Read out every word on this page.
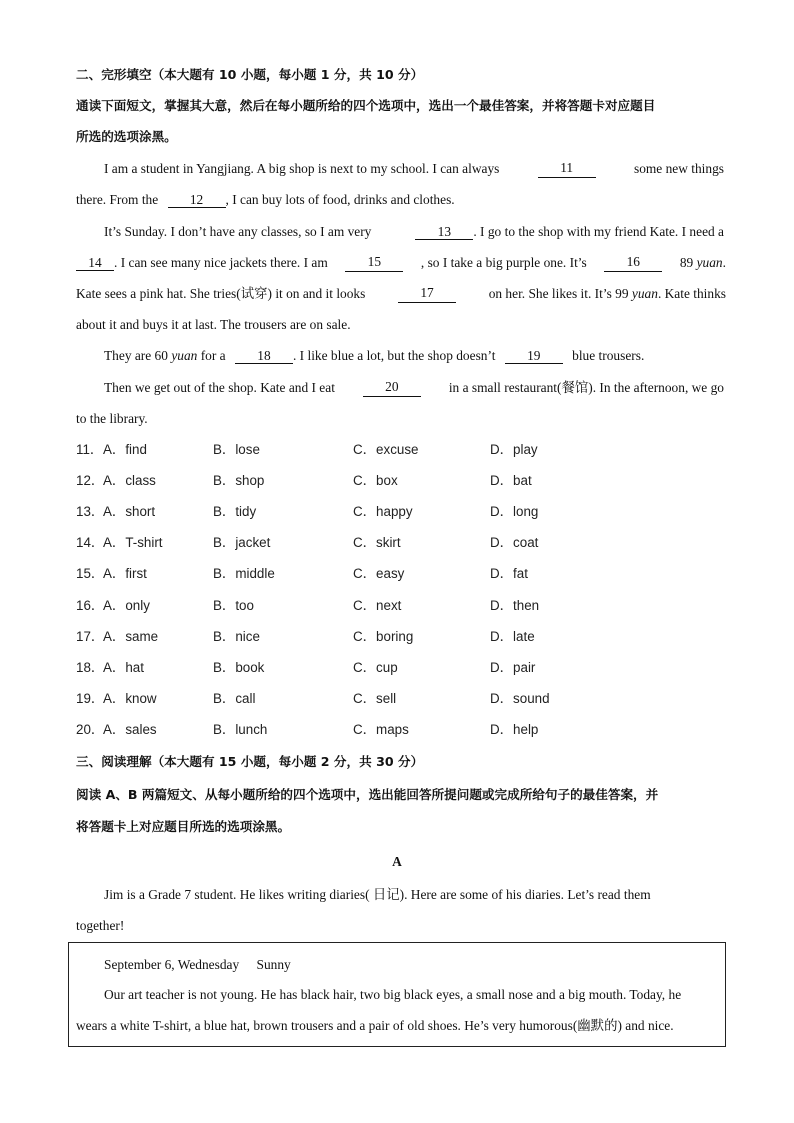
二、完形填空（本大题有 10 小题，每小题 1 分，共 10 分）
通读下面短文，掌握其大意，然后在每小题所给的四个选项中，选出一个最佳答案，并将答题卡对应题目
所选的选项涂黑。
I am a student in Yangjiang. A big shop is next to my school. I can always	11	some new things
there. From the 12 , I can buy lots of food, drinks and clothes.
It’s Sunday. I don’t have any classes, so I am very	13 . I go to the shop with my friend Kate. I need a
14 . I can see many nice jackets there. I am	15	, so I take a big purple one. It’s	16	89 yuan.
Kate sees a pink hat. She tries(试穿) it on and it looks	17	on her. She likes it. It’s 99 yuan. Kate thinks
about it and buys it at last. The trousers are on sale.
They are 60 yuan for a 18 . I like blue a lot, but the shop doesn’t 19 blue trousers.
Then we get out of the shop. Kate and I eat	20	in a small restaurant(餐馆). In the afternoon, we go
to the library.
11． A．find	B．lose	C．excuse	D．play
12．
A．class	B．shop	C．box	D．bat
13．
A．short	B．tidy	C．happy	D．long
14．
A．T-shirt	B．jacket	C．skirt	D．coat
15．
A．first	B．middle	C．easy	D．fat
16．
A．only	B．too	C．next	D．then
17．
A．same	B．nice	C．boring	D．late
18．
A．hat	B．book	C．cup	D．pair
19．
A．know	B．call	C．sell	D．sound
20．
A．sales	B．lunch	C．maps	D．help
三、阅读理解（本大题有 15 小题，每小题 2 分，共 30 分）
阅读 A、B 两篇短文、从每小题所给的四个选项中，选出能回答所提问题或完成所给句子的最佳答案，并
将答题卡上对应题目所选的选项涂黑。
A
Jim is a Grade 7 student. He likes writing diaries( 日记). Here are some of his diaries. Let’s read them
together!
September 6, Wednesday Sunny
Our art teacher is not young. He has black hair, two big black eyes, a small nose and a big mouth. Today, he
wears a white T-shirt, a blue hat, brown trousers and a pair of old shoes. He’s very humorous(幽默的) and nice.
